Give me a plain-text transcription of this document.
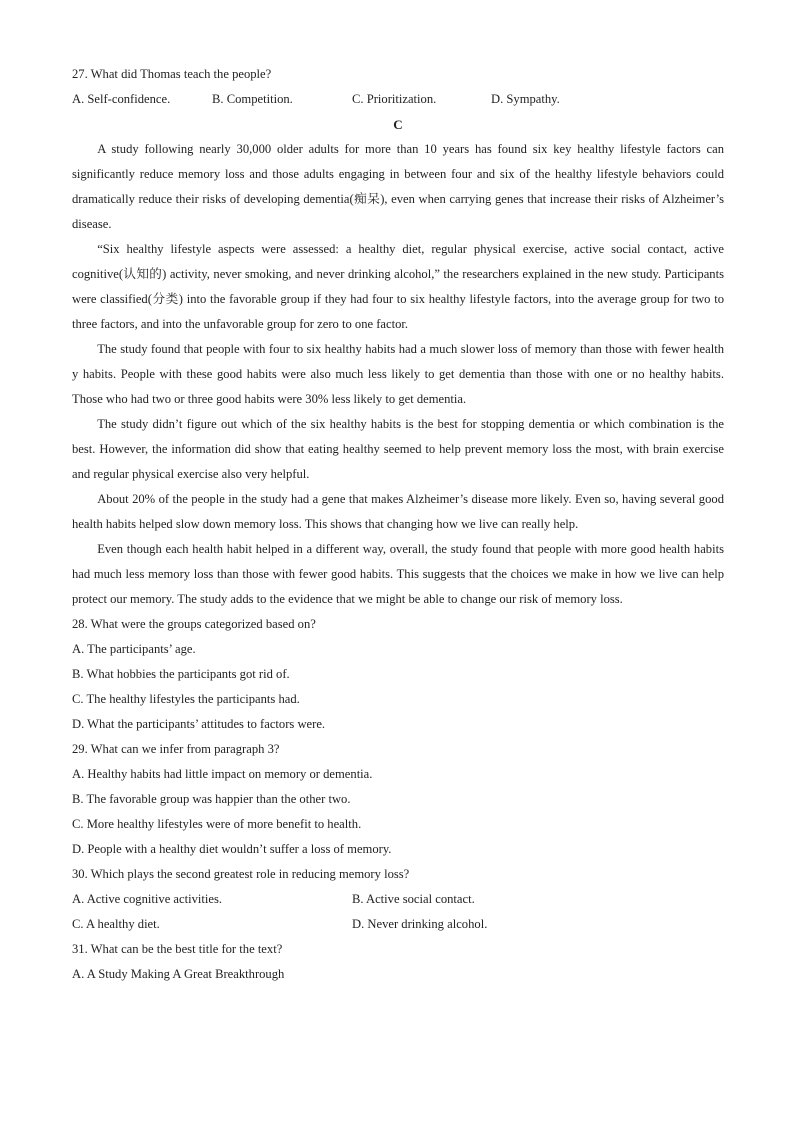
27. What did Thomas teach the people?
A. Self-confidence.	B. Competition.	C. Prioritization.	D. Sympathy.
C

A study following nearly 30,000 older adults for more than 10 years has found six key healthy lifestyle factors can significantly reduce memory loss and those adults engaging in between four and six of the healthy lifestyle behaviors could dramatically reduce their risks of developing dementia(痴呆), even when carrying genes that increase their risks of Alzheimer’s disease.

“Six healthy lifestyle aspects were assessed: a healthy diet, regular physical exercise, active social contact, active cognitive(认知的) activity, never smoking, and never drinking alcohol,” the researchers explained in the new study. Participants were classified(分类) into the favorable group if they had four to six healthy lifestyle factors, into the average group for two to three factors, and into the unfavorable group for zero to one factor.

The study found that people with four to six healthy habits had a much slower loss of memory than those with fewer health y habits. People with these good habits were also much less likely to get dementia than those with one or no healthy habits. Those who had two or three good habits were 30% less likely to get dementia.

The study didn’t figure out which of the six healthy habits is the best for stopping dementia or which combination is the best. However, the information did show that eating healthy seemed to help prevent memory loss the most, with brain exercise and regular physical exercise also very helpful.

About 20% of the people in the study had a gene that makes Alzheimer’s disease more likely. Even so, having several good health habits helped slow down memory loss. This shows that changing how we live can really help.

Even though each health habit helped in a different way, overall, the study found that people with more good health habits had much less memory loss than those with fewer good habits. This suggests that the choices we make in how we live can help protect our memory. The study adds to the evidence that we might be able to change our risk of memory loss.

28. What were the groups categorized based on?
A. The participants’ age.
B. What hobbies the participants got rid of.
C. The healthy lifestyles the participants had.
D. What the participants’ attitudes to factors were.
29. What can we infer from paragraph 3?
A. Healthy habits had little impact on memory or dementia.
B. The favorable group was happier than the other two.
C. More healthy lifestyles were of more benefit to health.
D. People with a healthy diet wouldn’t suffer a loss of memory.
30. Which plays the second greatest role in reducing memory loss?
A. Active cognitive activities.	B. Active social contact.
C. A healthy diet.	D. Never drinking alcohol.
31. What can be the best title for the text?
A. A Study Making A Great Breakthrough
